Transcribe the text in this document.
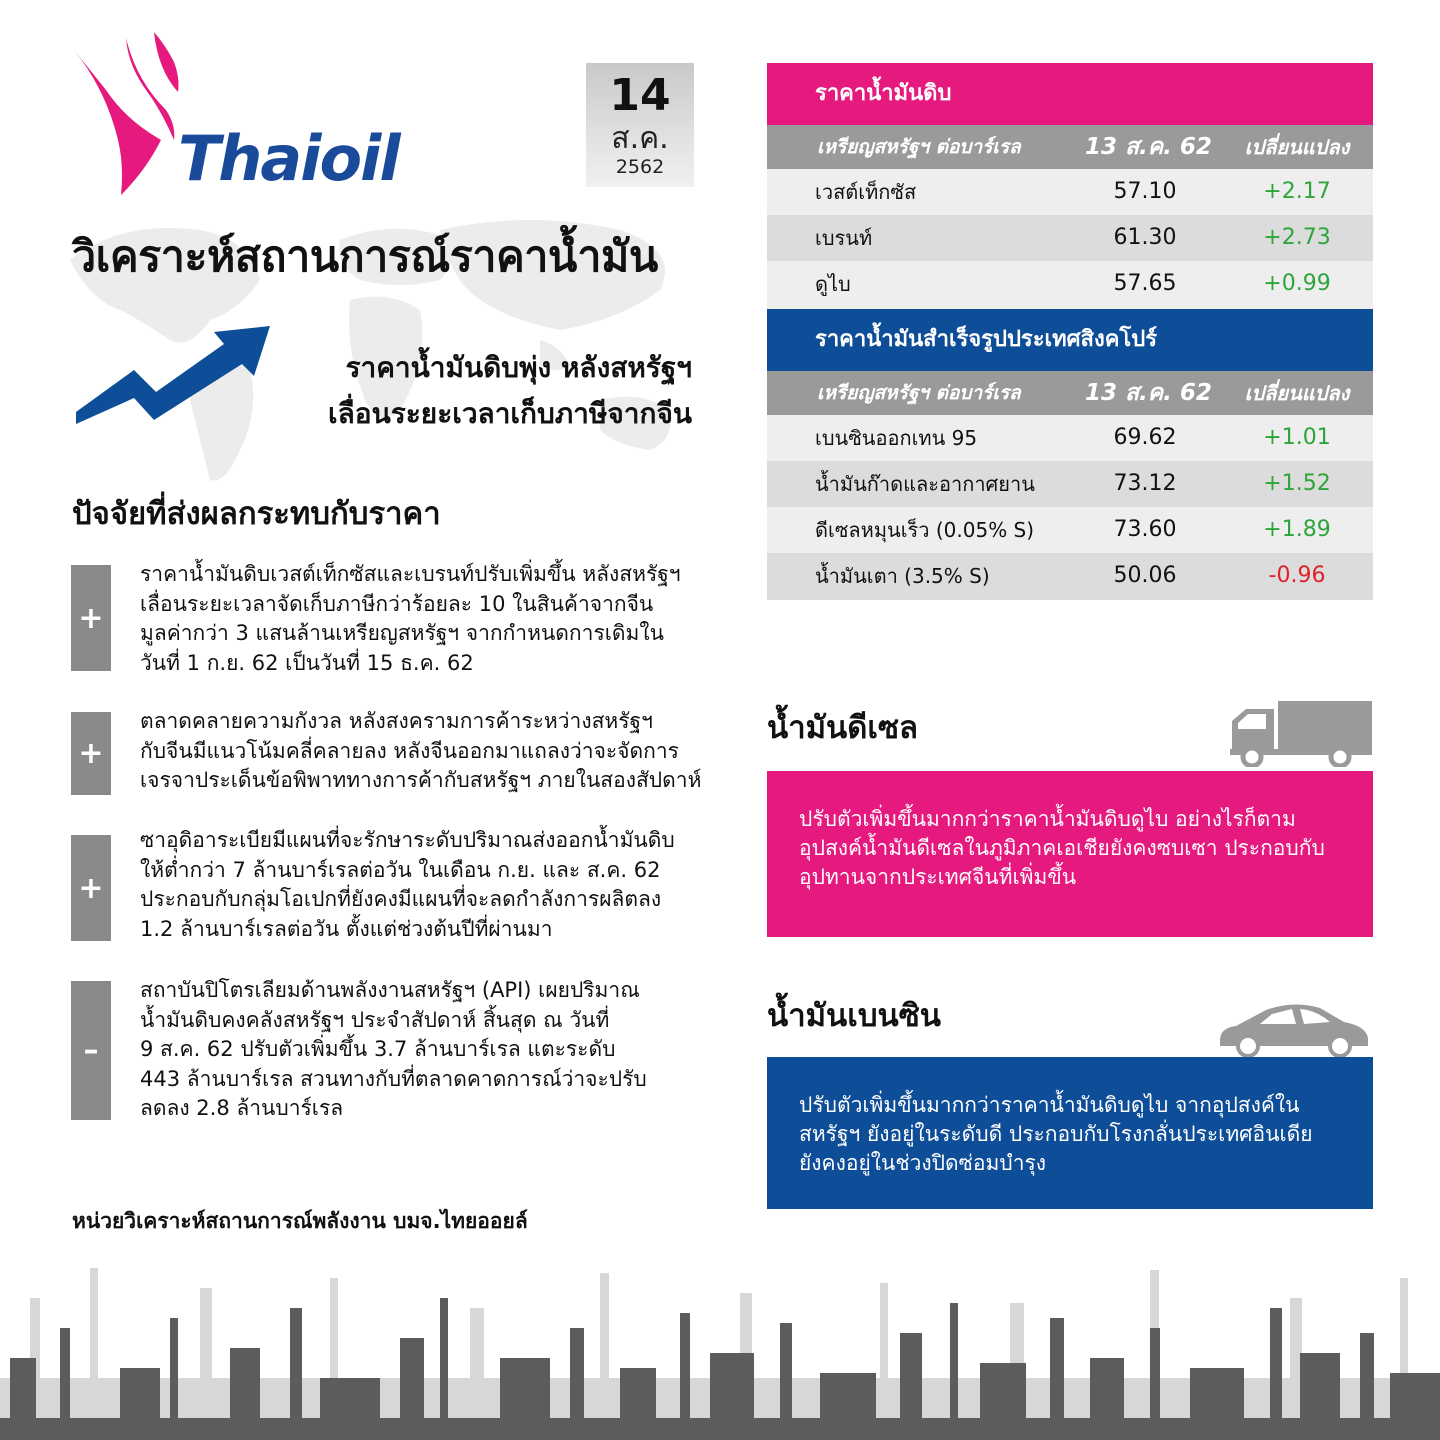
Thaioil
14
ส.ค.
2562
วิเคราะห์สถานการณ์ราคาน้ำมัน
ราคาน้ำมันดิบพุ่ง หลังสหรัฐฯ
เลื่อนระยะเวลาเก็บภาษีจากจีน
ปัจจัยที่ส่งผลกระทบกับราคา
+
ราคาน้ำมันดิบเวสต์เท็กซัสและเบรนท์ปรับเพิ่มขึ้น หลังสหรัฐฯ
เลื่อนระยะเวลาจัดเก็บภาษีกว่าร้อยละ 10 ในสินค้าจากจีน
มูลค่ากว่า 3 แสนล้านเหรียญสหรัฐฯ จากกำหนดการเดิมใน
วันที่ 1 ก.ย. 62 เป็นวันที่ 15 ธ.ค. 62
+
ตลาดคลายความกังวล หลังสงครามการค้าระหว่างสหรัฐฯ
กับจีนมีแนวโน้มคลี่คลายลง หลังจีนออกมาแถลงว่าจะจัดการ
เจรจาประเด็นข้อพิพาททางการค้ากับสหรัฐฯ ภายในสองสัปดาห์
+
ซาอุดิอาระเบียมีแผนที่จะรักษาระดับปริมาณส่งออกน้ำมันดิบ
ให้ต่ำกว่า 7 ล้านบาร์เรลต่อวัน ในเดือน ก.ย. และ ส.ค. 62
ประกอบกับกลุ่มโอเปกที่ยังคงมีแผนที่จะลดกำลังการผลิตลง
1.2 ล้านบาร์เรลต่อวัน ตั้งแต่ช่วงต้นปีที่ผ่านมา
–
สถาบันปิโตรเลียมด้านพลังงานสหรัฐฯ (API) เผยปริมาณ
น้ำมันดิบคงคลังสหรัฐฯ ประจำสัปดาห์ สิ้นสุด ณ วันที่
9 ส.ค. 62 ปรับตัวเพิ่มขึ้น 3.7 ล้านบาร์เรล แตะระดับ
443 ล้านบาร์เรล สวนทางกับที่ตลาดคาดการณ์ว่าจะปรับ
ลดลง 2.8 ล้านบาร์เรล
หน่วยวิเคราะห์สถานการณ์พลังงาน บมจ.ไทยออยล์
ราคาน้ำมันดิบ
เหรียญสหรัฐฯ ต่อบาร์เรล	13 ส.ค. 62	เปลี่ยนแปลง
เวสต์เท็กซัส	57.10	+2.17
เบรนท์	61.30	+2.73
ดูไบ	57.65	+0.99
ราคาน้ำมันสำเร็จรูปประเทศสิงคโปร์
เหรียญสหรัฐฯ ต่อบาร์เรล	13 ส.ค. 62	เปลี่ยนแปลง
เบนซินออกเทน 95	69.62	+1.01
น้ำมันก๊าดและอากาศยาน	73.12	+1.52
ดีเซลหมุนเร็ว (0.05% S)	73.60	+1.89
น้ำมันเตา (3.5% S)	50.06	-0.96
น้ำมันดีเซล
ปรับตัวเพิ่มขึ้นมากกว่าราคาน้ำมันดิบดูไบ อย่างไรก็ตาม
อุปสงค์น้ำมันดีเซลในภูมิภาคเอเชียยังคงซบเซา ประกอบกับ
อุปทานจากประเทศจีนที่เพิ่มขึ้น
น้ำมันเบนซิน
ปรับตัวเพิ่มขึ้นมากกว่าราคาน้ำมันดิบดูไบ จากอุปสงค์ใน
สหรัฐฯ ยังอยู่ในระดับดี ประกอบกับโรงกลั่นประเทศอินเดีย
ยังคงอยู่ในช่วงปิดซ่อมบำรุง
